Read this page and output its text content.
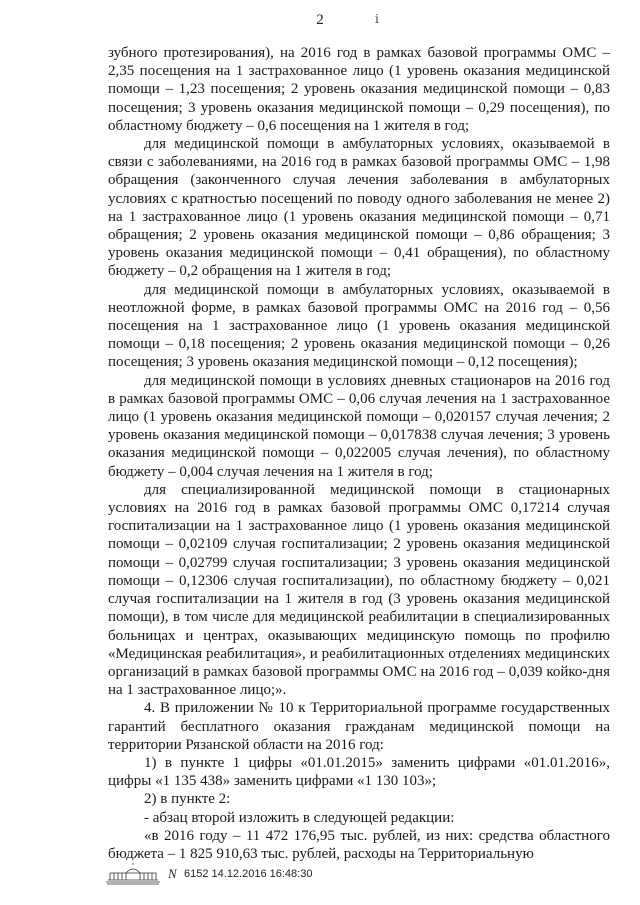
2	ⅰ

зубного протезирования), на 2016 год в рамках базовой программы ОМС – 2,35 посещения на 1 застрахованное лицо (1 уровень оказания медицинской помощи – 1,23 посещения; 2 уровень оказания медицинской помощи – 0,83 посещения; 3 уровень оказания медицинской помощи – 0,29 посещения), по областному бюджету – 0,6 посещения на 1 жителя в год;

для медицинской помощи в амбулаторных условиях, оказываемой в связи с заболеваниями, на 2016 год в рамках базовой программы ОМС – 1,98 обращения (законченного случая лечения заболевания в амбулаторных условиях с кратностью посещений по поводу одного заболевания не менее 2) на 1 застрахованное лицо (1 уровень оказания медицинской помощи – 0,71 обращения; 2 уровень оказания медицинской помощи – 0,86 обращения; 3 уровень оказания медицинской помощи – 0,41 обращения), по областному бюджету – 0,2 обращения на 1 жителя в год;

для медицинской помощи в амбулаторных условиях, оказываемой в неотложной форме, в рамках базовой программы ОМС на 2016 год – 0,56 посещения на 1 застрахованное лицо (1 уровень оказания медицинской помощи – 0,18 посещения; 2 уровень оказания медицинской помощи – 0,26 посещения; 3 уровень оказания медицинской помощи – 0,12 посещения);

для медицинской помощи в условиях дневных стационаров на 2016 год в рамках базовой программы ОМС – 0,06 случая лечения на 1 застрахованное лицо (1 уровень оказания медицинской помощи – 0,020157 случая лечения; 2 уровень оказания медицинской помощи – 0,017838 случая лечения; 3 уровень оказания медицинской помощи – 0,022005 случая лечения), по областному бюджету – 0,004 случая лечения на 1 жителя в год;

для специализированной медицинской помощи в стационарных условиях на 2016 год в рамках базовой программы ОМС 0,17214 случая госпитализации на 1 застрахованное лицо (1 уровень оказания медицинской помощи – 0,02109 случая госпитализации; 2 уровень оказания медицинской помощи – 0,02799 случая госпитализации; 3 уровень оказания медицинской помощи – 0,12306 случая госпитализации), по областному бюджету – 0,021 случая госпитализации на 1 жителя в год (3 уровень оказания медицинской помощи), в том числе для медицинской реабилитации в специализированных больницах и центрах, оказывающих медицинскую помощь по профилю «Медицинская реабилитация», и реабилитационных отделениях медицинских организаций в рамках базовой программы ОМС на 2016 год – 0,039 койко-дня на 1 застрахованное лицо;».

4. В приложении № 10 к Территориальной программе государственных гарантий бесплатного оказания гражданам медицинской помощи на территории Рязанской области на 2016 год:

1) в пункте 1 цифры «01.01.2015» заменить цифрами «01.01.2016», цифры «1 135 438» заменить цифрами «1 130 103»;

2) в пункте 2:

- абзац второй изложить в следующей редакции:

«в 2016 году – 11 472 176,95 тыс. рублей, из них: средства областного бюджета – 1 825 910,63 тыс. рублей, расходы на Территориальную

N 6152 14.12.2016 16:48:30
